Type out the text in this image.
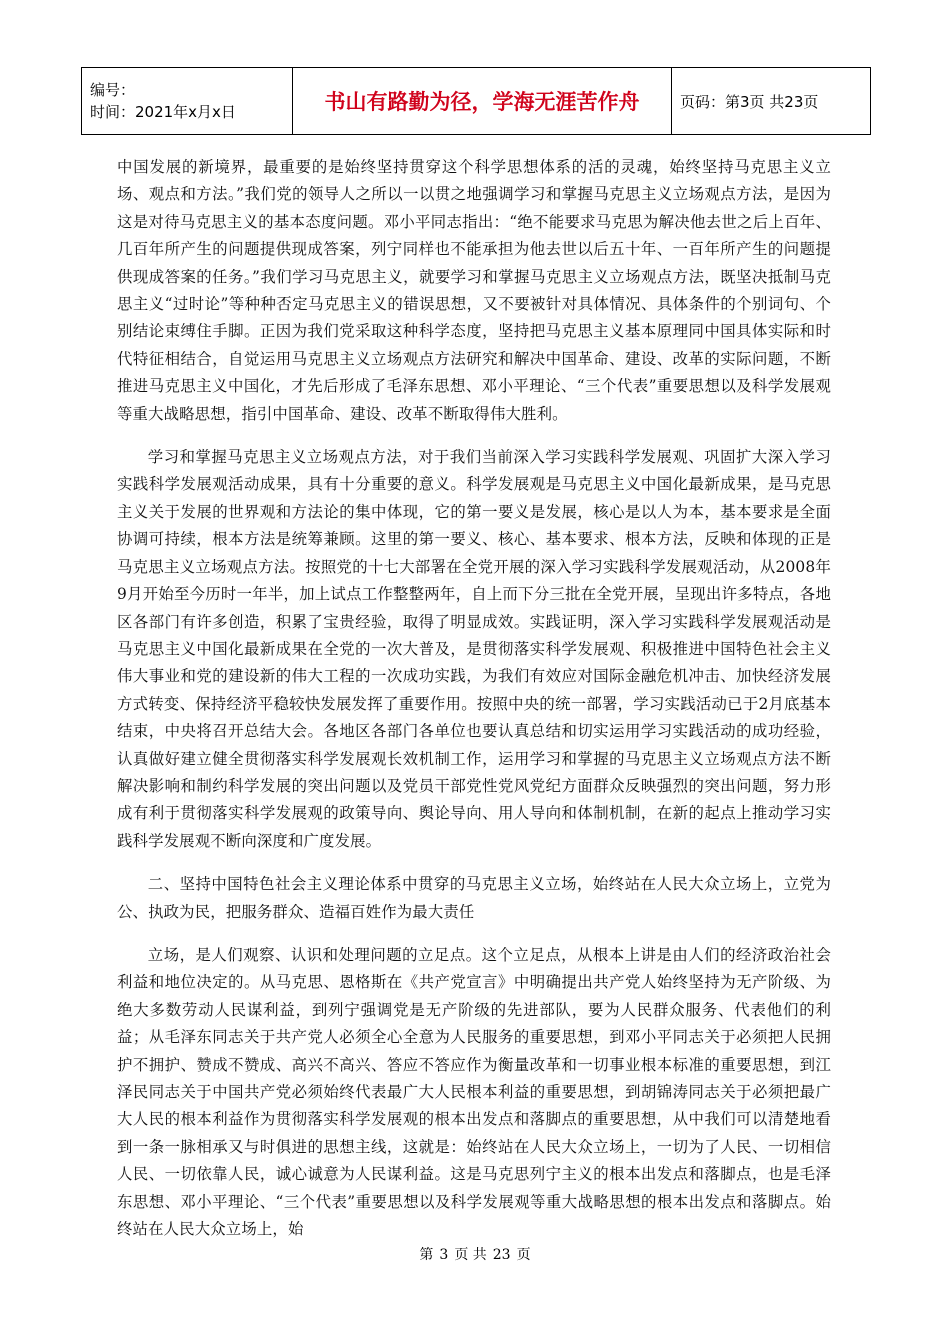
编号：
时间：2021年x月x日	书山有路勤为径，学海无涯苦作舟	页码：第3页 共23页

中国发展的新境界，最重要的是始终坚持贯穿这个科学思想体系的活的灵魂，始终坚持马克思主义立场、观点和方法。”我们党的领导人之所以一以贯之地强调学习和掌握马克思主义立场观点方法，是因为这是对待马克思主义的基本态度问题。邓小平同志指出：“绝不能要求马克思为解决他去世之后上百年、几百年所产生的问题提供现成答案，列宁同样也不能承担为他去世以后五十年、一百年所产生的问题提供现成答案的任务。”我们学习马克思主义，就要学习和掌握马克思主义立场观点方法，既坚决抵制马克思主义“过时论”等种种否定马克思主义的错误思想，又不要被针对具体情况、具体条件的个别词句、个别结论束缚住手脚。正因为我们党采取这种科学态度，坚持把马克思主义基本原理同中国具体实际和时代特征相结合，自觉运用马克思主义立场观点方法研究和解决中国革命、建设、改革的实际问题，不断推进马克思主义中国化，才先后形成了毛泽东思想、邓小平理论、“三个代表”重要思想以及科学发展观等重大战略思想，指引中国革命、建设、改革不断取得伟大胜利。

学习和掌握马克思主义立场观点方法，对于我们当前深入学习实践科学发展观、巩固扩大深入学习实践科学发展观活动成果，具有十分重要的意义。科学发展观是马克思主义中国化最新成果，是马克思主义关于发展的世界观和方法论的集中体现，它的第一要义是发展，核心是以人为本，基本要求是全面协调可持续，根本方法是统筹兼顾。这里的第一要义、核心、基本要求、根本方法，反映和体现的正是马克思主义立场观点方法。按照党的十七大部署在全党开展的深入学习实践科学发展观活动，从2008年9月开始至今历时一年半，加上试点工作整整两年，自上而下分三批在全党开展，呈现出许多特点，各地区各部门有许多创造，积累了宝贵经验，取得了明显成效。实践证明，深入学习实践科学发展观活动是马克思主义中国化最新成果在全党的一次大普及，是贯彻落实科学发展观、积极推进中国特色社会主义伟大事业和党的建设新的伟大工程的一次成功实践，为我们有效应对国际金融危机冲击、加快经济发展方式转变、保持经济平稳较快发展发挥了重要作用。按照中央的统一部署，学习实践活动已于2月底基本结束，中央将召开总结大会。各地区各部门各单位也要认真总结和切实运用学习实践活动的成功经验，认真做好建立健全贯彻落实科学发展观长效机制工作，运用学习和掌握的马克思主义立场观点方法不断解决影响和制约科学发展的突出问题以及党员干部党性党风党纪方面群众反映强烈的突出问题，努力形成有利于贯彻落实科学发展观的政策导向、舆论导向、用人导向和体制机制，在新的起点上推动学习实践科学发展观不断向深度和广度发展。

二、坚持中国特色社会主义理论体系中贯穿的马克思主义立场，始终站在人民大众立场上，立党为公、执政为民，把服务群众、造福百姓作为最大责任

立场，是人们观察、认识和处理问题的立足点。这个立足点，从根本上讲是由人们的经济政治社会利益和地位决定的。从马克思、恩格斯在《共产党宣言》中明确提出共产党人始终坚持为无产阶级、为绝大多数劳动人民谋利益，到列宁强调党是无产阶级的先进部队，要为人民群众服务、代表他们的利益；从毛泽东同志关于共产党人必须全心全意为人民服务的重要思想，到邓小平同志关于必须把人民拥护不拥护、赞成不赞成、高兴不高兴、答应不答应作为衡量改革和一切事业根本标准的重要思想，到江泽民同志关于中国共产党必须始终代表最广大人民根本利益的重要思想，到胡锦涛同志关于必须把最广大人民的根本利益作为贯彻落实科学发展观的根本出发点和落脚点的重要思想，从中我们可以清楚地看到一条一脉相承又与时俱进的思想主线，这就是：始终站在人民大众立场上，一切为了人民、一切相信人民、一切依靠人民，诚心诚意为人民谋利益。这是马克思列宁主义的根本出发点和落脚点，也是毛泽东思想、邓小平理论、“三个代表”重要思想以及科学发展观等重大战略思想的根本出发点和落脚点。始终站在人民大众立场上，始

第 3 页 共 23 页
